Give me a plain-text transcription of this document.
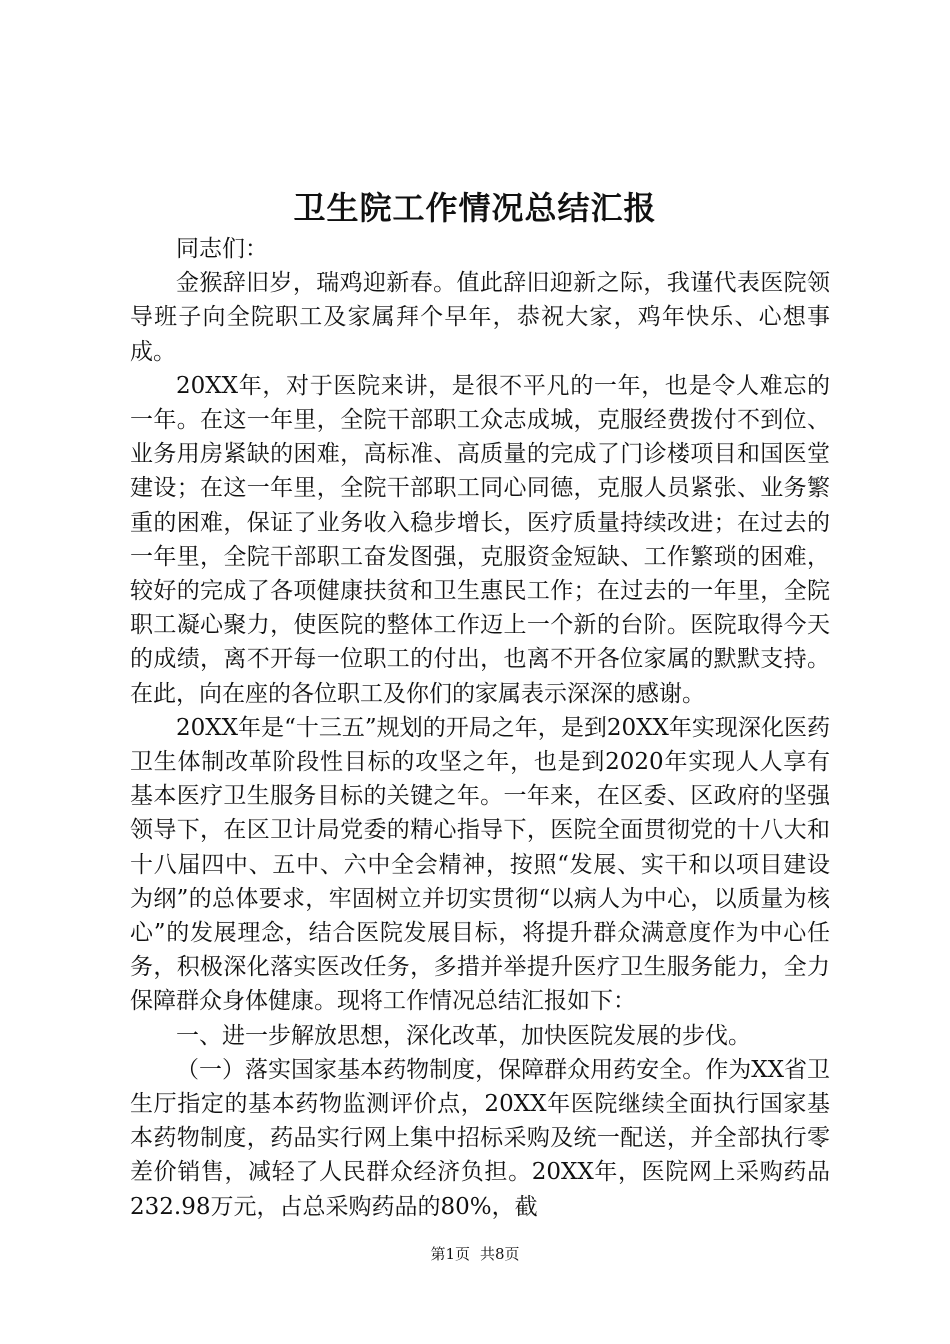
卫生院工作情况总结汇报

同志们：

金猴辞旧岁，瑞鸡迎新春。值此辞旧迎新之际，我谨代表医院领导班子向全院职工及家属拜个早年，恭祝大家，鸡年快乐、心想事成。

20XX年，对于医院来讲，是很不平凡的一年，也是令人难忘的一年。在这一年里，全院干部职工众志成城，克服经费拨付不到位、业务用房紧缺的困难，高标准、高质量的完成了门诊楼项目和国医堂建设；在这一年里，全院干部职工同心同德，克服人员紧张、业务繁重的困难，保证了业务收入稳步增长，医疗质量持续改进；在过去的一年里，全院干部职工奋发图强，克服资金短缺、工作繁琐的困难，较好的完成了各项健康扶贫和卫生惠民工作；在过去的一年里，全院职工凝心聚力，使医院的整体工作迈上一个新的台阶。医院取得今天的成绩，离不开每一位职工的付出，也离不开各位家属的默默支持。在此，向在座的各位职工及你们的家属表示深深的感谢。

20XX年是“十三五”规划的开局之年，是到20XX年实现深化医药卫生体制改革阶段性目标的攻坚之年，也是到2020年实现人人享有基本医疗卫生服务目标的关键之年。一年来，在区委、区政府的坚强领导下，在区卫计局党委的精心指导下，医院全面贯彻党的十八大和十八届四中、五中、六中全会精神，按照“发展、实干和以项目建设为纲”的总体要求，牢固树立并切实贯彻“以病人为中心，以质量为核心”的发展理念，结合医院发展目标，将提升群众满意度作为中心任务，积极深化落实医改任务，多措并举提升医疗卫生服务能力，全力保障群众身体健康。现将工作情况总结汇报如下：

一、进一步解放思想，深化改革，加快医院发展的步伐。

（一）落实国家基本药物制度，保障群众用药安全。作为XX省卫生厅指定的基本药物监测评价点，20XX年医院继续全面执行国家基本药物制度，药品实行网上集中招标采购及统一配送，并全部执行零差价销售，减轻了人民群众经济负担。20XX年，医院网上采购药品232.98万元，占总采购药品的80%，截

第1页 共8页
